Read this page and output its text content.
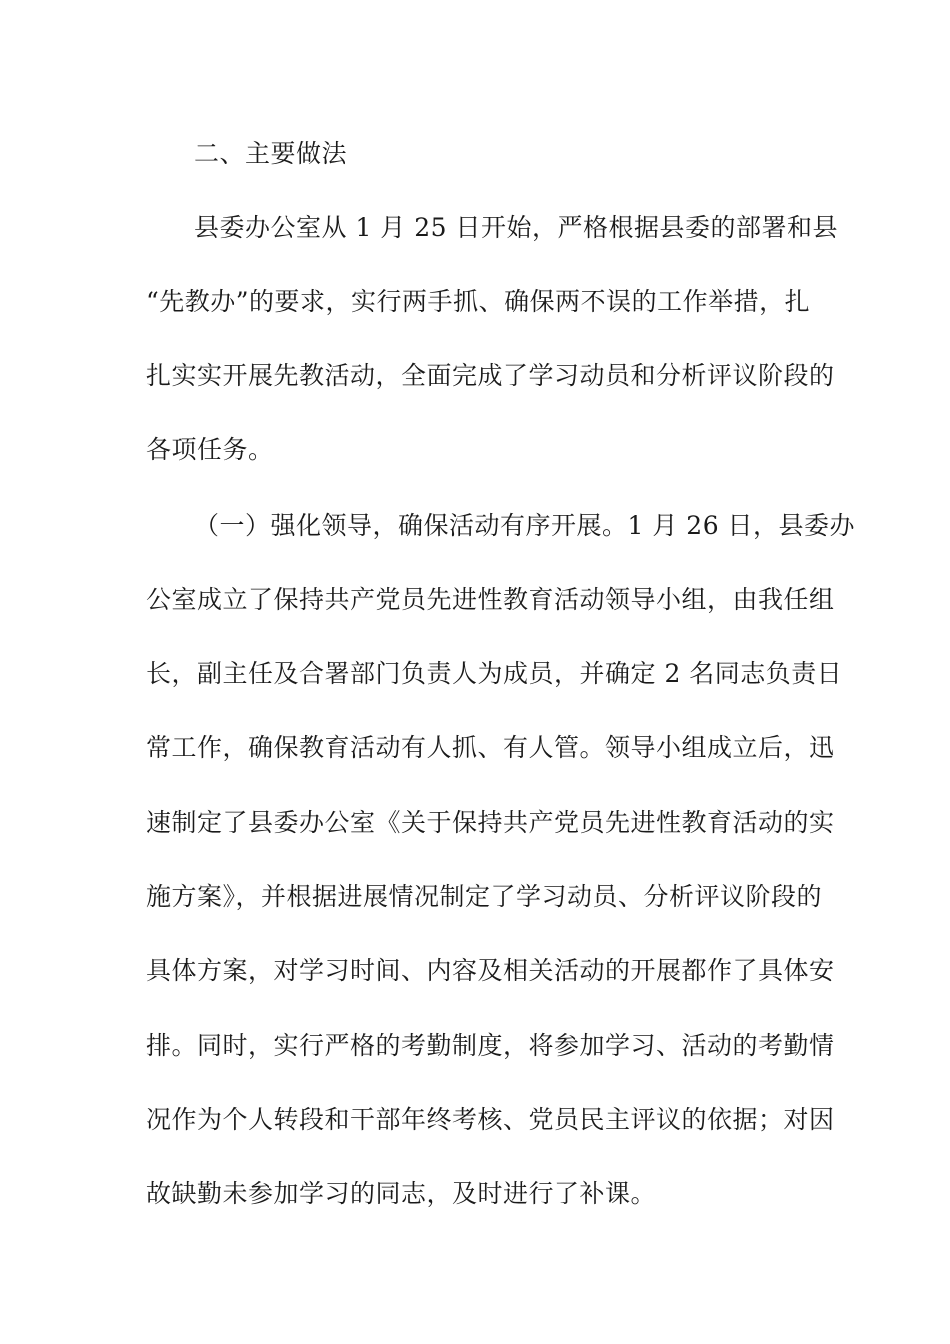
二、主要做法
县委办公室从 1 月 25 日开始，严格根据县委的部署和县
“先教办”的要求，实行两手抓、确保两不误的工作举措，扎
扎实实开展先教活动，全面完成了学习动员和分析评议阶段的
各项任务。
（一）强化领导，确保活动有序开展。1 月 26 日，县委办
公室成立了保持共产党员先进性教育活动领导小组，由我任组
长，副主任及合署部门负责人为成员，并确定 2 名同志负责日
常工作，确保教育活动有人抓、有人管。领导小组成立后，迅
速制定了县委办公室《关于保持共产党员先进性教育活动的实
施方案》，并根据进展情况制定了学习动员、分析评议阶段的
具体方案，对学习时间、内容及相关活动的开展都作了具体安
排。同时，实行严格的考勤制度，将参加学习、活动的考勤情
况作为个人转段和干部年终考核、党员民主评议的依据；对因
故缺勤未参加学习的同志，及时进行了补课。
